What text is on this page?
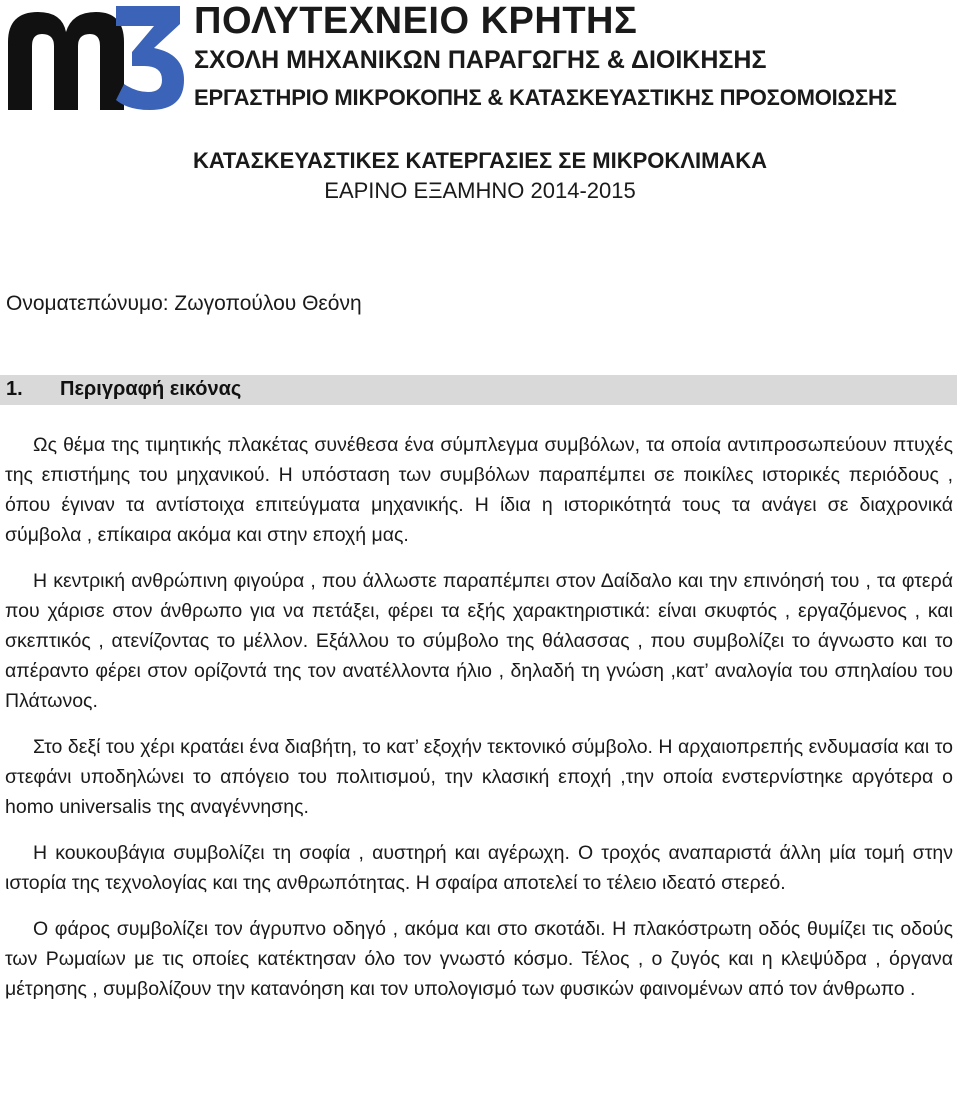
ΠΟΛΥΤΕΧΝΕΙΟ ΚΡΗΤΗΣ
ΣΧΟΛΗ ΜΗΧΑΝΙΚΩΝ ΠΑΡΑΓΩΓΗΣ & ΔΙΟΙΚΗΣΗΣ
ΕΡΓΑΣΤΗΡΙΟ ΜΙΚΡΟΚΟΠΗΣ & ΚΑΤΑΣΚΕΥΑΣΤΙΚΗΣ ΠΡΟΣΟΜΟΙΩΣΗΣ
ΚΑΤΑΣΚΕΥΑΣΤΙΚΕΣ ΚΑΤΕΡΓΑΣΙΕΣ ΣΕ ΜΙΚΡΟΚΛΙΜΑΚΑ
ΕΑΡΙΝΟ ΕΞΑΜΗΝΟ 2014-2015
Ονοματεπώνυμο: Ζωγοπούλου Θεόνη
1. Περιγραφή εικόνας

Ως θέμα της τιμητικής πλακέτας συνέθεσα ένα σύμπλεγμα συμβόλων, τα οποία αντιπροσωπεύουν πτυχές της επιστήμης του μηχανικού. Η υπόσταση των συμβόλων παραπέμπει σε ποικίλες ιστορικές περιόδους , όπου έγιναν τα αντίστοιχα επιτεύγματα μηχανικής. Η ίδια η ιστορικότητά τους τα ανάγει σε διαχρονικά σύμβολα , επίκαιρα ακόμα και στην εποχή μας.

Η κεντρική ανθρώπινη φιγούρα , που άλλωστε παραπέμπει στον Δαίδαλο και την επινόησή του , τα φτερά που χάρισε στον άνθρωπο για να πετάξει, φέρει τα εξής χαρακτηριστικά: είναι σκυφτός , εργαζόμενος , και σκεπτικός , ατενίζοντας το μέλλον. Εξάλλου το σύμβολο της θάλασσας , που συμβολίζει το άγνωστο και το απέραντο φέρει στον ορίζοντά της τον ανατέλλοντα ήλιο , δηλαδή τη γνώση ,κατ’ αναλογία του σπηλαίου του Πλάτωνος.

Στο δεξί του χέρι κρατάει ένα διαβήτη, το κατ’ εξοχήν τεκτονικό σύμβολο. Η αρχαιοπρεπής ενδυμασία και το στεφάνι υποδηλώνει το απόγειο του πολιτισμού, την κλασική εποχή ,την οποία ενστερνίστηκε αργότερα ο homo universalis της αναγέννησης.

Η κουκουβάγια συμβολίζει τη σοφία , αυστηρή και αγέρωχη. Ο τροχός αναπαριστά άλλη μία τομή στην ιστορία της τεχνολογίας και της ανθρωπότητας. Η σφαίρα αποτελεί το τέλειο ιδεατό στερεό.

Ο φάρος συμβολίζει τον άγρυπνο οδηγό , ακόμα και στο σκοτάδι. Η πλακόστρωτη οδός θυμίζει τις οδούς των Ρωμαίων με τις οποίες κατέκτησαν όλο τον γνωστό κόσμο. Τέλος , ο ζυγός και η κλεψύδρα , όργανα μέτρησης , συμβολίζουν την κατανόηση και τον υπολογισμό των φυσικών φαινομένων από τον άνθρωπο .
